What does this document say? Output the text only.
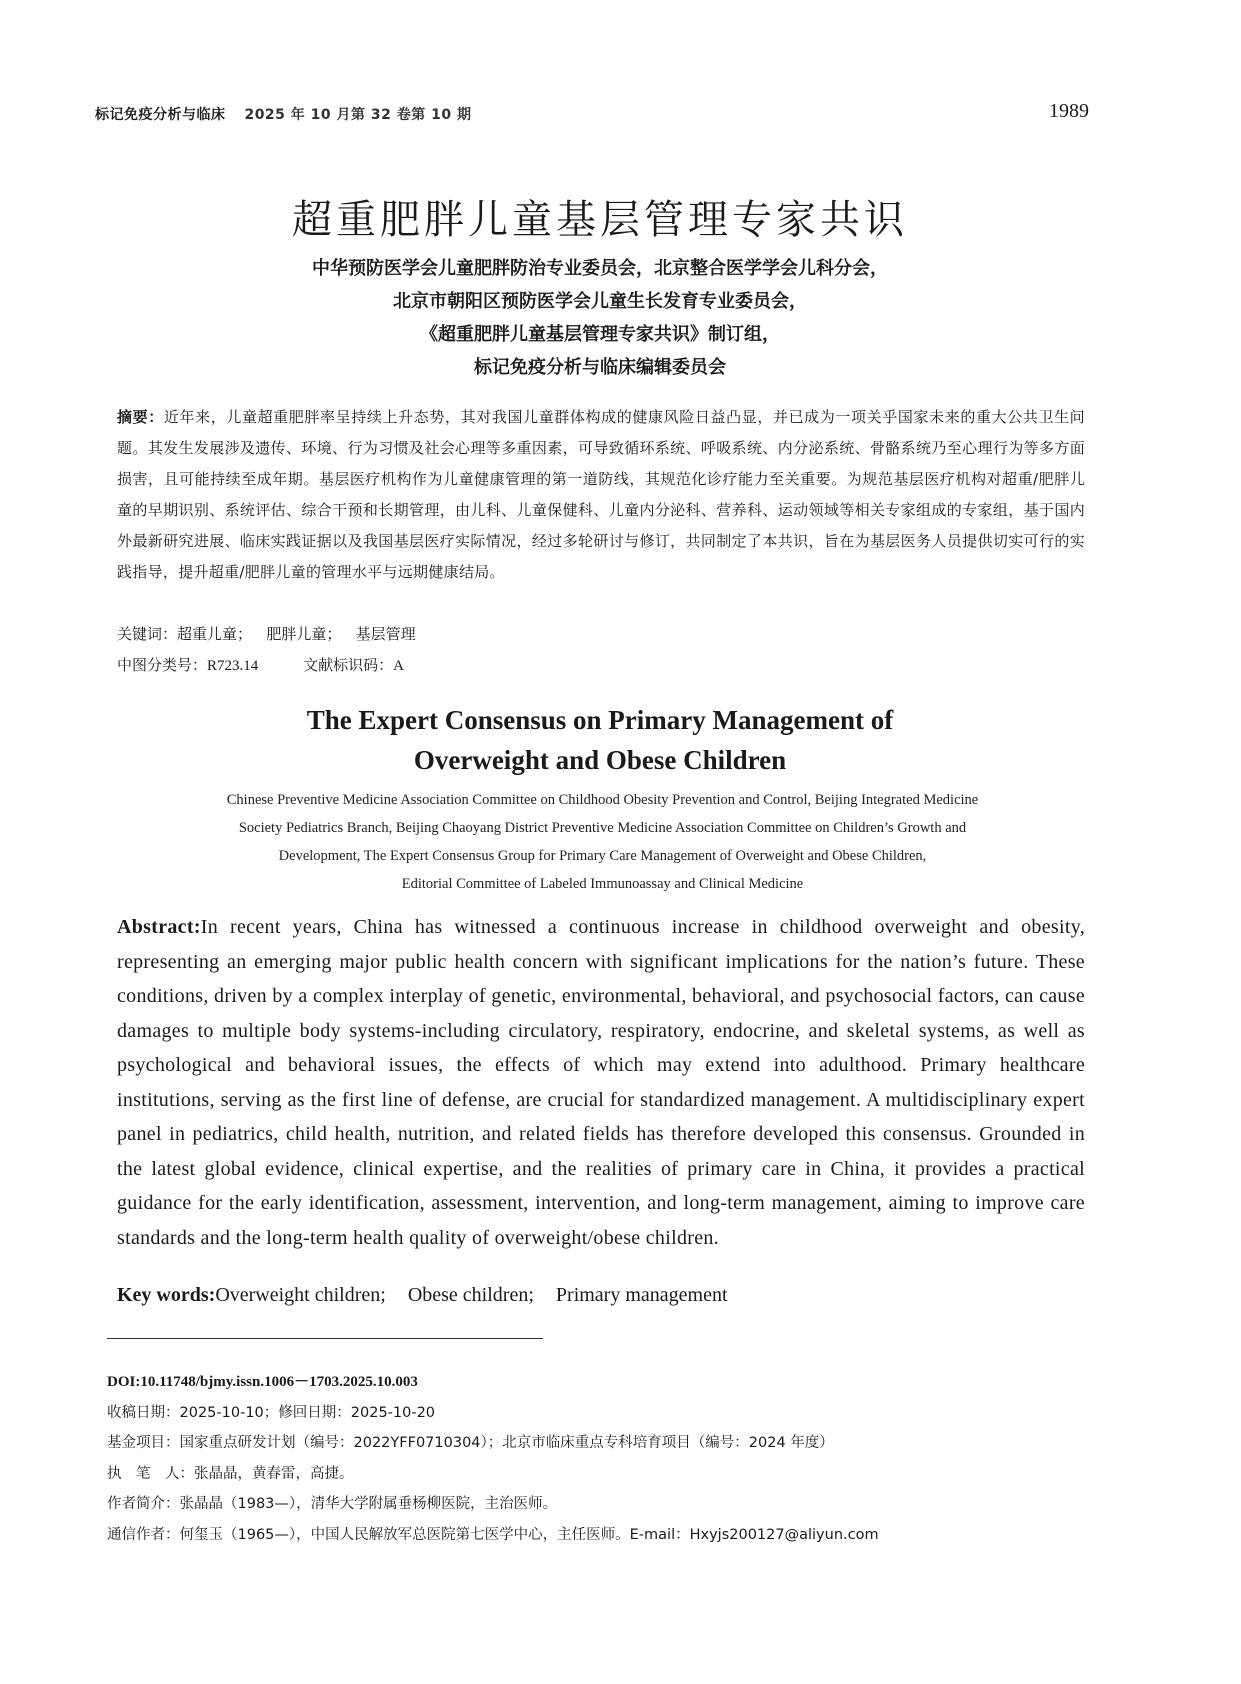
标记免疫分析与临床 2025 年 10 月第 32 卷第 10 期	1989
超重肥胖儿童基层管理专家共识
中华预防医学会儿童肥胖防治专业委员会，北京整合医学学会儿科分会，
北京市朝阳区预防医学会儿童生长发育专业委员会，
《超重肥胖儿童基层管理专家共识》制订组，
标记免疫分析与临床编辑委员会
摘要：近年来，儿童超重肥胖率呈持续上升态势，其对我国儿童群体构成的健康风险日益凸显，并已成为一项关乎国家未来的重大公共卫生问题。其发生发展涉及遗传、环境、行为习惯及社会心理等多重因素，可导致循环系统、呼吸系统、内分泌系统、骨骼系统乃至心理行为等多方面损害，且可能持续至成年期。基层医疗机构作为儿童健康管理的第一道防线，其规范化诊疗能力至关重要。为规范基层医疗机构对超重/肥胖儿童的早期识别、系统评估、综合干预和长期管理，由儿科、儿童保健科、儿童内分泌科、营养科、运动领域等相关专家组成的专家组，基于国内外最新研究进展、临床实践证据以及我国基层医疗实际情况，经过多轮研讨与修订，共同制定了本共识，旨在为基层医务人员提供切实可行的实践指导，提升超重/肥胖儿童的管理水平与远期健康结局。
关键词：超重儿童； 肥胖儿童； 基层管理
中图分类号：R723.14	文献标识码：A
The Expert Consensus on Primary Management of
Overweight and Obese Children
Chinese Preventive Medicine Association Committee on Childhood Obesity Prevention and Control, Beijing Integrated Medicine
Society Pediatrics Branch, Beijing Chaoyang District Preventive Medicine Association Committee on Children’s Growth and
Development, The Expert Consensus Group for Primary Care Management of Overweight and Obese Children,
Editorial Committee of Labeled Immunoassay and Clinical Medicine
Abstract:In recent years, China has witnessed a continuous increase in childhood overweight and obesity, representing an emerging major public health concern with significant implications for the nation’s future. These conditions, driven by a complex interplay of genetic, environmental, behavioral, and psychosocial factors, can cause damages to multiple body systems-including circulatory, respiratory, endocrine, and skeletal systems, as well as psychological and behavioral issues, the effects of which may extend into adulthood. Primary healthcare institutions, serving as the first line of defense, are crucial for standardized management. A multidisciplinary expert panel in pediatrics, child health, nutrition, and related fields has therefore developed this consensus. Grounded in the latest global evidence, clinical expertise, and the realities of primary care in China, it provides a practical guidance for the early identification, assessment, intervention, and long-term management, aiming to improve care standards and the long-term health quality of overweight/obese children.
Key words:Overweight children; Obese children; Primary management
DOI:10.11748/bjmy.issn.1006－1703.2025.10.003
收稿日期：2025-10-10；修回日期：2025-10-20
基金项目：国家重点研发计划（编号：2022YFF0710304）；北京市临床重点专科培育项目（编号：2024 年度）
执　笔　人：张晶晶，黄春雷，高捷。
作者简介：张晶晶（1983—），清华大学附属垂杨柳医院，主治医师。
通信作者：何玺玉（1965—），中国人民解放军总医院第七医学中心，主任医师。E-mail：Hxyjs200127@aliyun.com
